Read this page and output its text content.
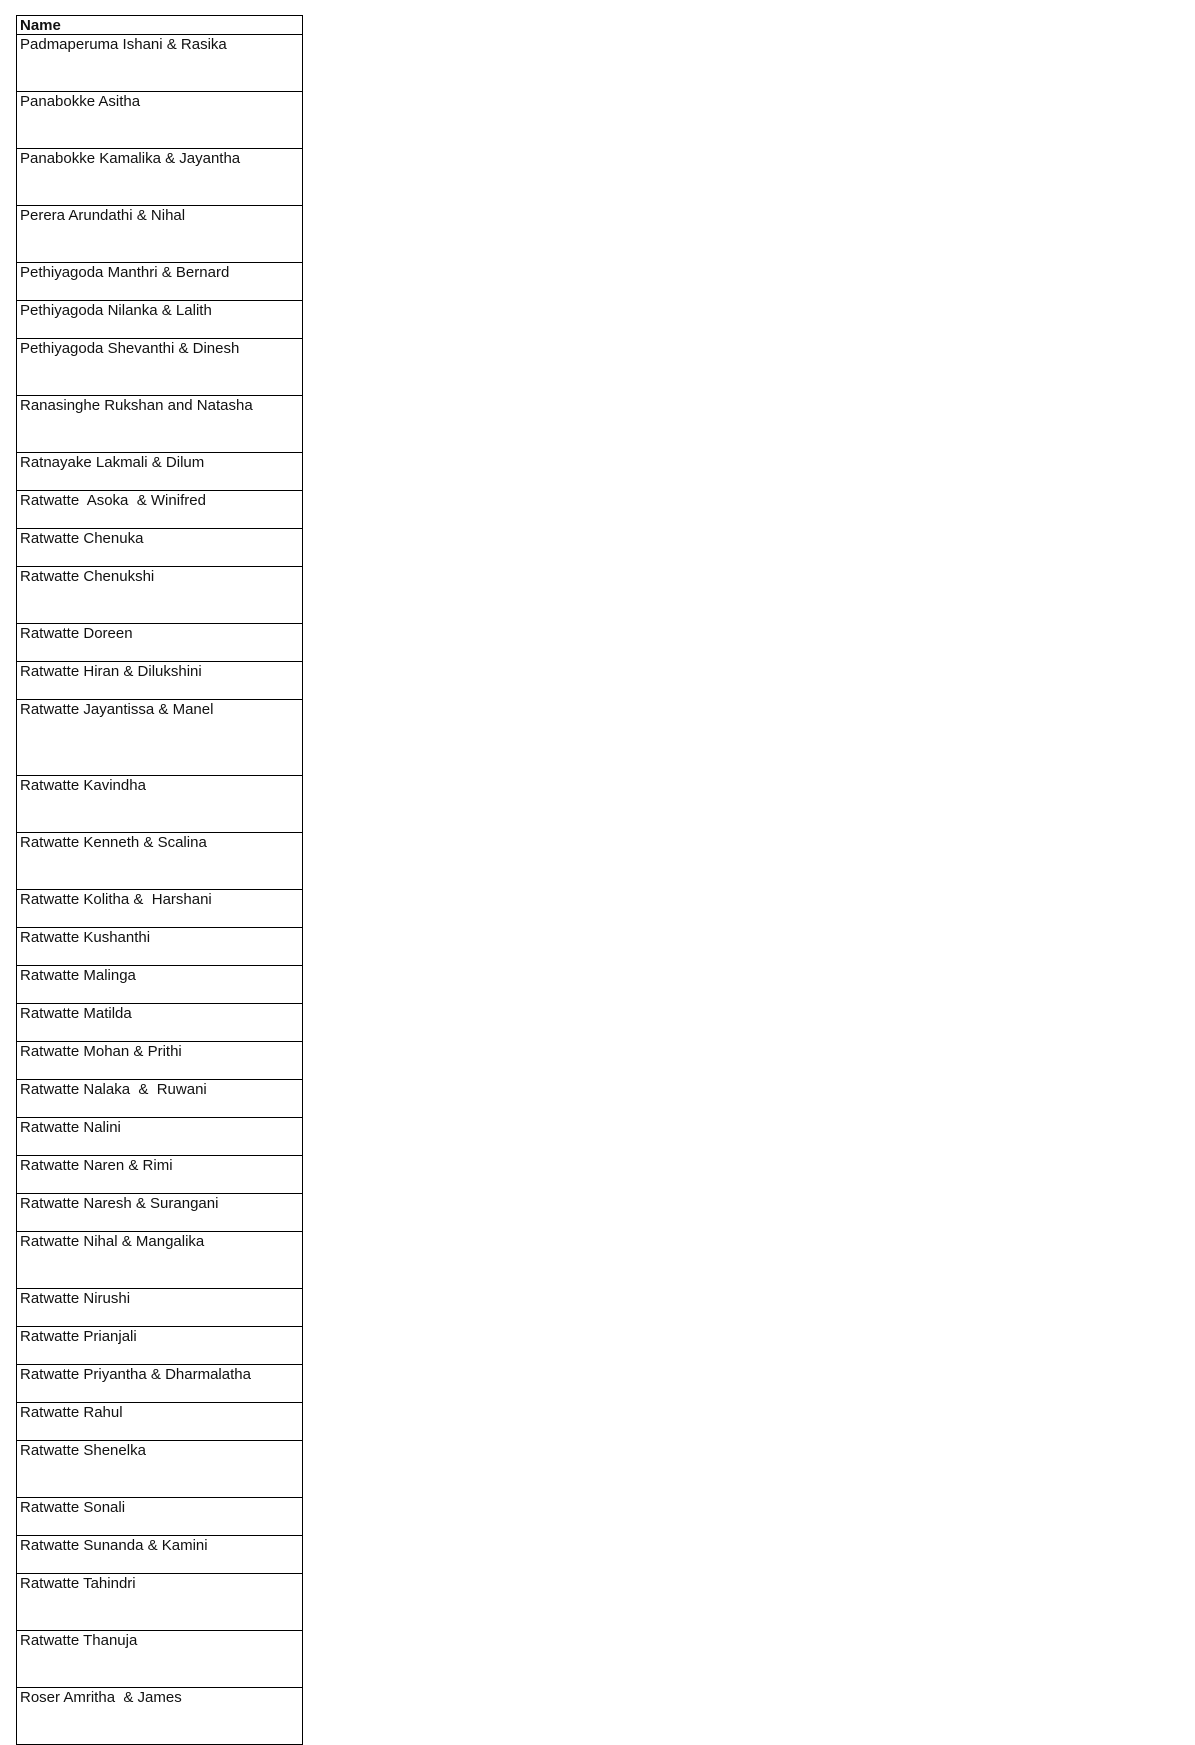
Name
Padmaperuma Ishani & Rasika
Panabokke Asitha
Panabokke Kamalika & Jayantha
Perera Arundathi & Nihal
Pethiyagoda Manthri & Bernard
Pethiyagoda Nilanka & Lalith
Pethiyagoda Shevanthi & Dinesh
Ranasinghe Rukshan and Natasha
Ratnayake Lakmali & Dilum
Ratwatte  Asoka  & Winifred
Ratwatte Chenuka
Ratwatte Chenukshi
Ratwatte Doreen
Ratwatte Hiran & Dilukshini
Ratwatte Jayantissa & Manel
Ratwatte Kavindha
Ratwatte Kenneth & Scalina
Ratwatte Kolitha &  Harshani
Ratwatte Kushanthi
Ratwatte Malinga
Ratwatte Matilda
Ratwatte Mohan & Prithi
Ratwatte Nalaka  &  Ruwani
Ratwatte Nalini
Ratwatte Naren & Rimi
Ratwatte Naresh & Surangani
Ratwatte Nihal & Mangalika
Ratwatte Nirushi
Ratwatte Prianjali
Ratwatte Priyantha & Dharmalatha
Ratwatte Rahul
Ratwatte Shenelka
Ratwatte Sonali
Ratwatte Sunanda & Kamini
Ratwatte Tahindri
Ratwatte Thanuja
Roser Amritha  & James
